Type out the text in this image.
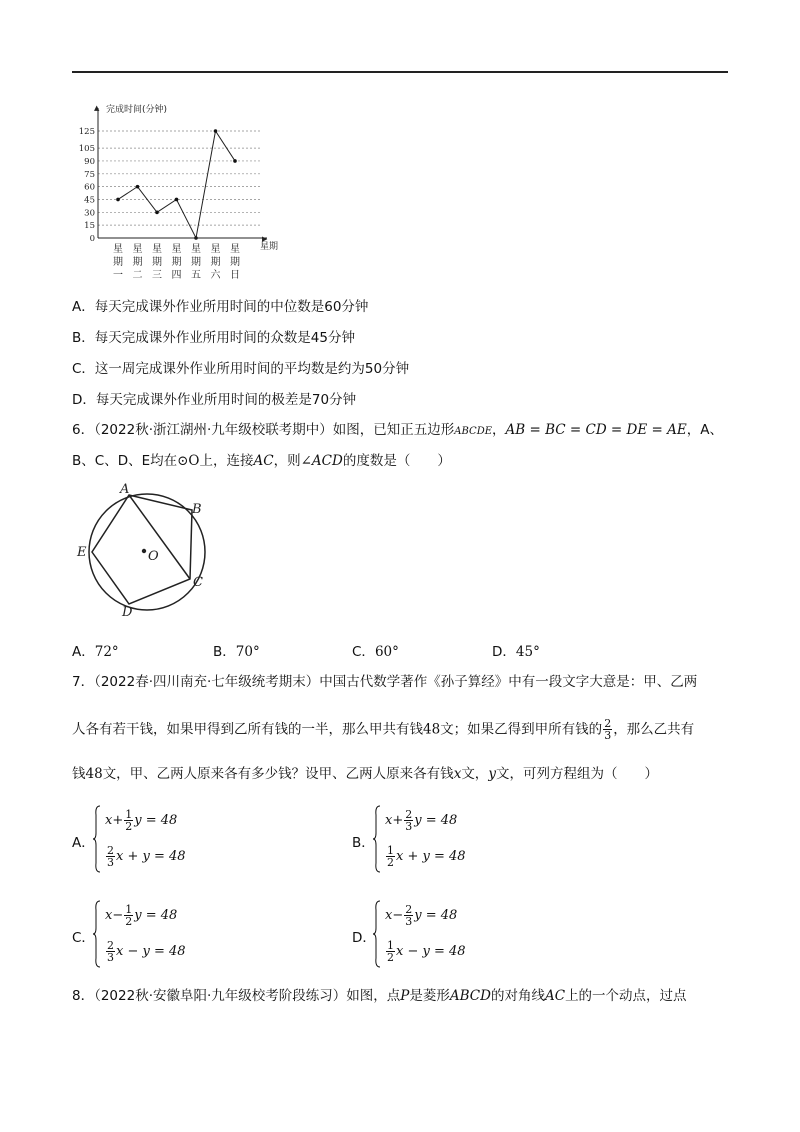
0
15
30
45
60
75
90
105
125
星
期
一
星
期
二
星
期
三
星
期
四
星
期
五
星
期
六
星
期
日
▲
▶
完成时间(分钟)
星期
A．每天完成课外作业所用时间的中位数是60分钟
B．每天完成课外作业所用时间的众数是45分钟
C．这一周完成课外作业所用时间的平均数是约为50分钟
D．每天完成课外作业所用时间的极差是70分钟
6．（2022秋·浙江湖州·九年级校联考期中）如图，已知正五边形ABCDE，AB = BC = CD = DE = AE，A、
B、C、D、E均在⊙O上，连接AC，则∠ACD的度数是（　　）
A
B
C
D
E	O
A．72°	B．70°	C．60°	D．45°
7．（2022春·四川南充·七年级统考期末）中国古代数学著作《孙子算经》中有一段文字大意是：甲、乙两
人各有若干钱，如果甲得到乙所有钱的一半，那么甲共有钱48文；如果乙得到甲所有钱的 $\frac{2}{3}$ ，那么乙共有
钱48文，甲、乙两人原来各有多少钱？设甲、乙两人原来各有钱x文，y文，可列方程组为（　　）
A．
$x+ \frac{1}{2}$ y = 48
$\frac{2}{3}$ x + y = 48
B．
$x+ \frac{2}{3}$ y = 48
$\frac{1}{2}$ x + y = 48
C．
$x- \frac{1}{2}$ y = 48
$\frac{2}{3}$ x − y = 48
D．
$x- \frac{2}{3}$ y = 48
$\frac{1}{2}$ x − y = 48
8．（2022秋·安徽阜阳·九年级校考阶段练习）如图，点P是菱形ABCD的对角线AC上的一个动点，过点
